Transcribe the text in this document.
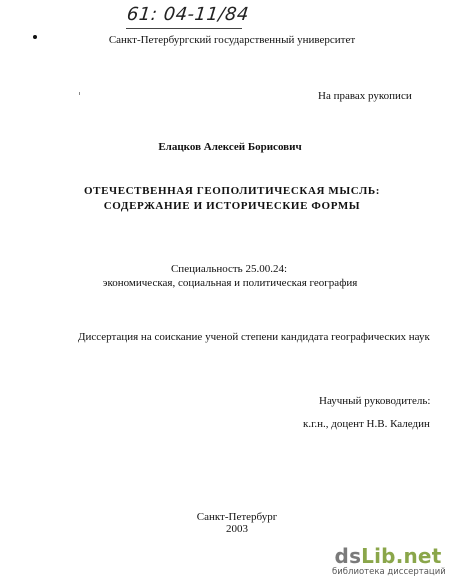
61: 04-11/84
Санкт-Петербургский государственный университет
На правах рукописи
Елацков Алексей Борисович
ОТЕЧЕСТВЕННАЯ ГЕОПОЛИТИЧЕСКАЯ МЫСЛЬ:
СОДЕРЖАНИЕ И ИСТОРИЧЕСКИЕ ФОРМЫ
Специальность 25.00.24:
экономическая, социальная и политическая география
Диссертация на соискание ученой степени кандидата географических наук
Научный руководитель:
к.г.н., доцент Н.В. Каледин
Санкт-Петербург
2003
dsLib.net
библиотека диссертаций
